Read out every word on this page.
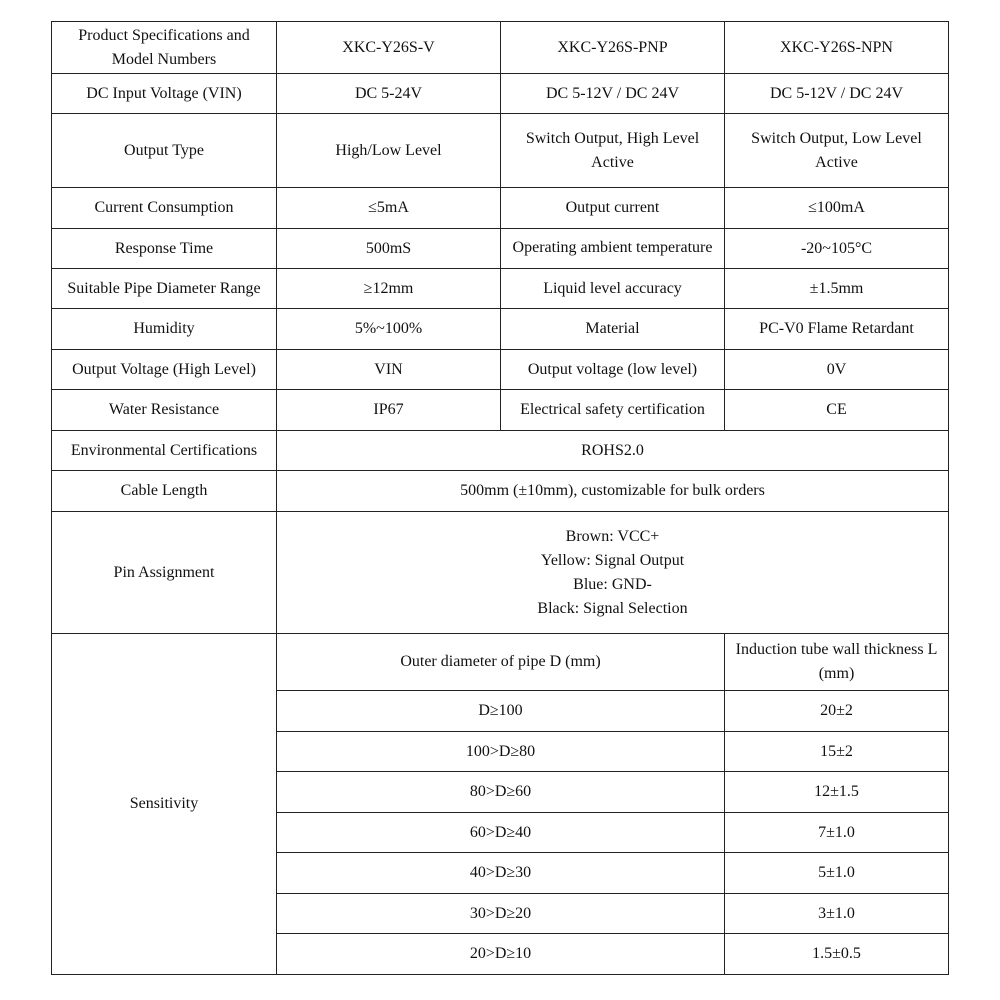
Product Specifications and Model Numbers	XKC-Y26S-V	XKC-Y26S-PNP	XKC-Y26S-NPN
DC Input Voltage (VIN)	DC 5-24V	DC 5-12V / DC 24V	DC 5-12V / DC 24V
Output Type	High/Low Level	Switch Output, High Level Active	Switch Output, Low Level Active
Current Consumption	≤5mA	Output current	≤100mA
Response Time	500mS	Operating ambient temperature	-20~105°C
Suitable Pipe Diameter Range	≥12mm	Liquid level accuracy	±1.5mm
Humidity	5%~100%	Material	PC-V0 Flame Retardant
Output Voltage (High Level)	VIN	Output voltage (low level)	0V
Water Resistance	IP67	Electrical safety certification	CE
Environmental Certifications	ROHS2.0		
Cable Length	500mm (±10mm), customizable for bulk orders		
Pin Assignment	Brown: VCC+
Yellow: Signal Output
Blue: GND-
Black: Signal Selection		

Sensitivity	Outer diameter of pipe D (mm)		Induction tube wall thickness L (mm)
	D≥100		20±2
	100>D≥80		15±2
	80>D≥60		12±1.5
	60>D≥40		7±1.0
	40>D≥30		5±1.0
	30>D≥20		3±1.0
	20>D≥10		1.5±0.5
